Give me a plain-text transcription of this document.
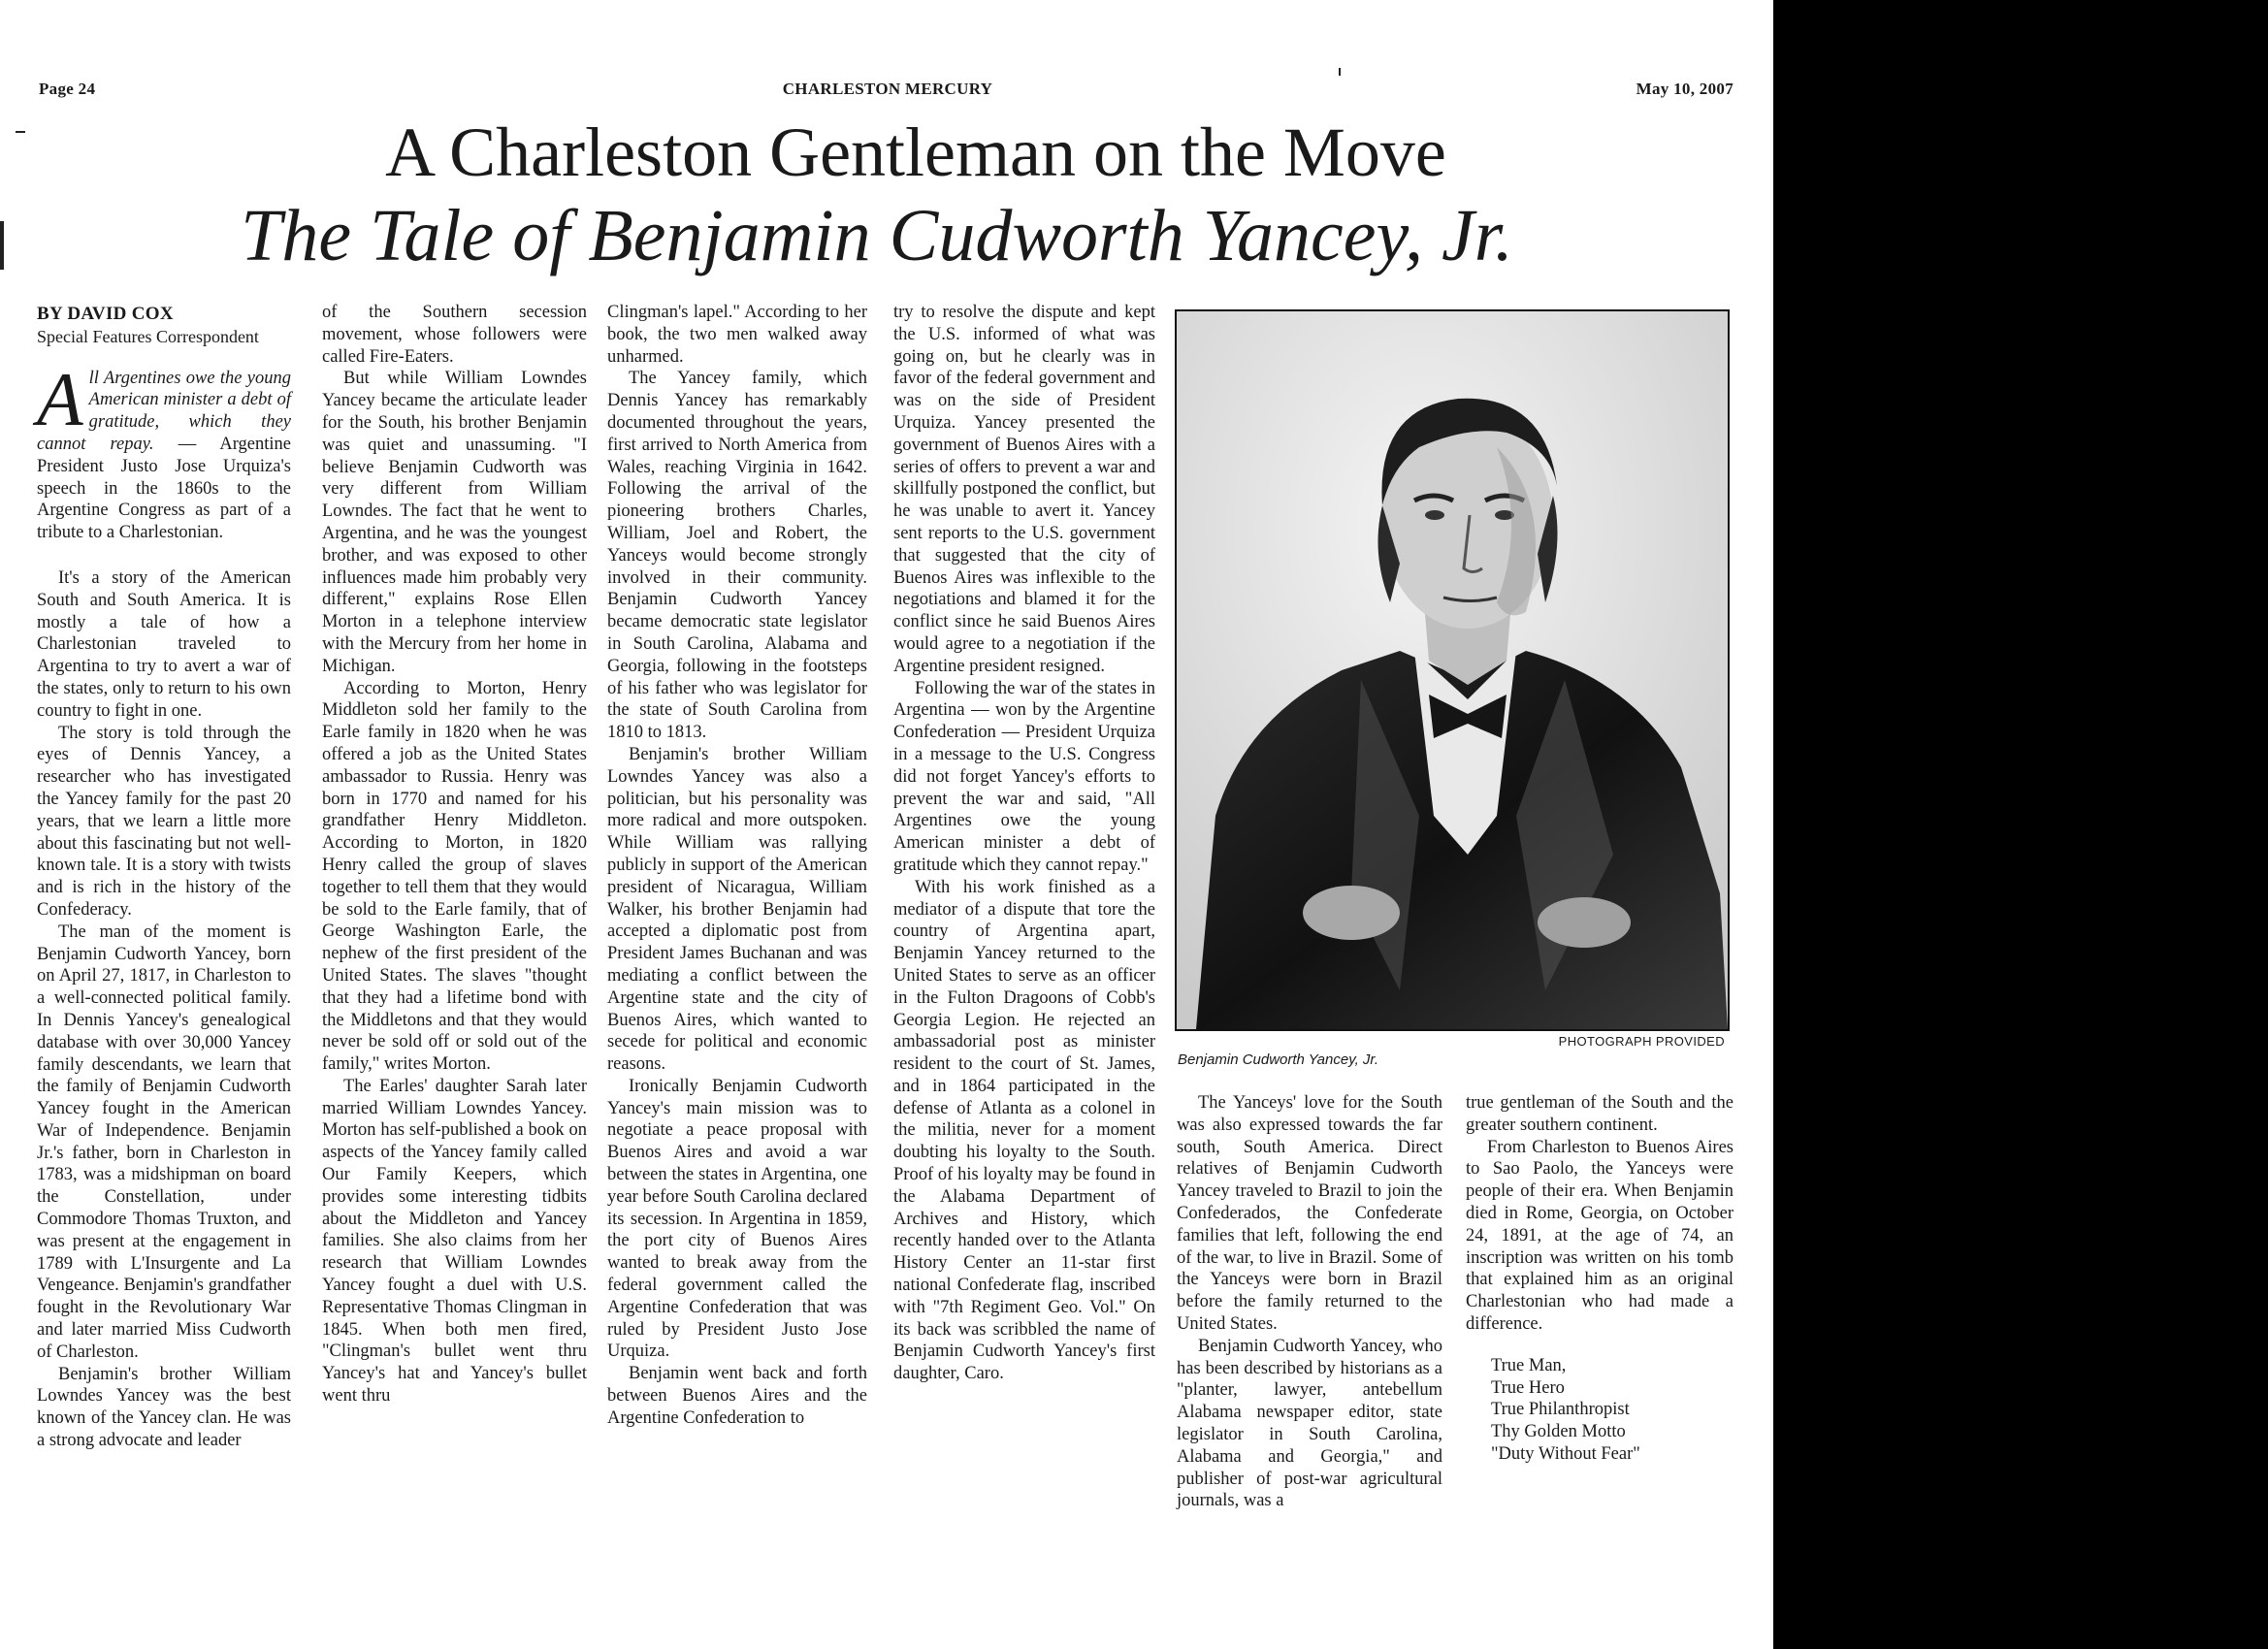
Page 24	CHARLESTON MERCURY	May 10, 2007
A Charleston Gentleman on the Move
The Tale of Benjamin Cudworth Yancey, Jr.
BY DAVID COX
Special Features Correspondent

All Argentines owe the young American minister a debt of gratitude, which they cannot repay. — Argentine President Justo Jose Urquiza's speech in the 1860s to the Argentine Congress as part of a tribute to a Charlestonian.

It's a story of the American South and South America. It is mostly a tale of how a Charlestonian traveled to Argentina to try to avert a war of the states, only to return to his own country to fight in one.

The story is told through the eyes of Dennis Yancey, a researcher who has investigated the Yancey family for the past 20 years, that we learn a little more about this fascinating but not well-known tale. It is a story with twists and is rich in the history of the Confederacy.

The man of the moment is Benjamin Cudworth Yancey, born on April 27, 1817, in Charleston to a well-connected political family. In Dennis Yancey's genealogical database with over 30,000 Yancey family descendants, we learn that the family of Benjamin Cudworth Yancey fought in the American War of Independence. Benjamin Jr.'s father, born in Charleston in 1783, was a midshipman on board the Constellation, under Commodore Thomas Truxton, and was present at the engagement in 1789 with L'Insurgente and La Vengeance. Benjamin's grandfather fought in the Revolutionary War and later married Miss Cudworth of Charleston.

Benjamin's brother William Lowndes Yancey was the best known of the Yancey clan. He was a strong advocate and leader

of the Southern secession movement, whose followers were called Fire-Eaters.

But while William Lowndes Yancey became the articulate leader for the South, his brother Benjamin was quiet and unassuming. "I believe Benjamin Cudworth was very different from William Lowndes. The fact that he went to Argentina, and he was the youngest brother, and was exposed to other influences made him probably very different," explains Rose Ellen Morton in a telephone interview with the Mercury from her home in Michigan.

According to Morton, Henry Middleton sold her family to the Earle family in 1820 when he was offered a job as the United States ambassador to Russia. Henry was born in 1770 and named for his grandfather Henry Middleton. According to Morton, in 1820 Henry called the group of slaves together to tell them that they would be sold to the Earle family, that of George Washington Earle, the nephew of the first president of the United States. The slaves "thought that they had a lifetime bond with the Middletons and that they would never be sold off or sold out of the family," writes Morton.

The Earles' daughter Sarah later married William Lowndes Yancey. Morton has self-published a book on aspects of the Yancey family called Our Family Keepers, which provides some interesting tidbits about the Middleton and Yancey families. She also claims from her research that William Lowndes Yancey fought a duel with U.S. Representative Thomas Clingman in 1845. When both men fired, "Clingman's bullet went thru Yancey's hat and Yancey's bullet went thru

Clingman's lapel." According to her book, the two men walked away unharmed.

The Yancey family, which Dennis Yancey has remarkably documented throughout the years, first arrived to North America from Wales, reaching Virginia in 1642. Following the arrival of the pioneering brothers Charles, William, Joel and Robert, the Yanceys would become strongly involved in their community. Benjamin Cudworth Yancey became democratic state legislator in South Carolina, Alabama and Georgia, following in the footsteps of his father who was legislator for the state of South Carolina from 1810 to 1813.

Benjamin's brother William Lowndes Yancey was also a politician, but his personality was more radical and more outspoken. While William was rallying publicly in support of the American president of Nicaragua, William Walker, his brother Benjamin had accepted a diplomatic post from President James Buchanan and was mediating a conflict between the Argentine state and the city of Buenos Aires, which wanted to secede for political and economic reasons.

Ironically Benjamin Cudworth Yancey's main mission was to negotiate a peace proposal with Buenos Aires and avoid a war between the states in Argentina, one year before South Carolina declared its secession. In Argentina in 1859, the port city of Buenos Aires wanted to break away from the federal government called the Argentine Confederation that was ruled by President Justo Jose Urquiza.

Benjamin went back and forth between Buenos Aires and the Argentine Confederation to

try to resolve the dispute and kept the U.S. informed of what was going on, but he clearly was in favor of the federal government and was on the side of President Urquiza. Yancey presented the government of Buenos Aires with a series of offers to prevent a war and skillfully postponed the conflict, but he was unable to avert it. Yancey sent reports to the U.S. government that suggested that the city of Buenos Aires was inflexible to the negotiations and blamed it for the conflict since he said Buenos Aires would agree to a negotiation if the Argentine president resigned.

Following the war of the states in Argentina — won by the Argentine Confederation — President Urquiza in a message to the U.S. Congress did not forget Yancey's efforts to prevent the war and said, "All Argentines owe the young American minister a debt of gratitude which they cannot repay."

With his work finished as a mediator of a dispute that tore the country of Argentina apart, Benjamin Yancey returned to the United States to serve as an officer in the Fulton Dragoons of Cobb's Georgia Legion. He rejected an ambassadorial post as minister resident to the court of St. James, and in 1864 participated in the defense of Atlanta as a colonel in the militia, never for a moment doubting his loyalty to the South. Proof of his loyalty may be found in the Alabama Department of Archives and History, which recently handed over to the Atlanta History Center an 11-star first national Confederate flag, inscribed with "7th Regiment Geo. Vol." On its back was scribbled the name of Benjamin Cudworth Yancey's first daughter, Caro.

PHOTOGRAPH PROVIDED
Benjamin Cudworth Yancey, Jr.

The Yanceys' love for the South was also expressed towards the far south, South America. Direct relatives of Benjamin Cudworth Yancey traveled to Brazil to join the Confederados, the Confederate families that left, following the end of the war, to live in Brazil. Some of the Yanceys were born in Brazil before the family returned to the United States.

Benjamin Cudworth Yancey, who has been described by historians as a "planter, lawyer, antebellum Alabama newspaper editor, state legislator in South Carolina, Alabama and Georgia," and publisher of post-war agricultural journals, was a

true gentleman of the South and the greater southern continent.

From Charleston to Buenos Aires to Sao Paolo, the Yanceys were people of their era. When Benjamin died in Rome, Georgia, on October 24, 1891, at the age of 74, an inscription was written on his tomb that explained him as an original Charlestonian who had made a difference.

True Man,
True Hero
True Philanthropist
Thy Golden Motto
"Duty Without Fear"
